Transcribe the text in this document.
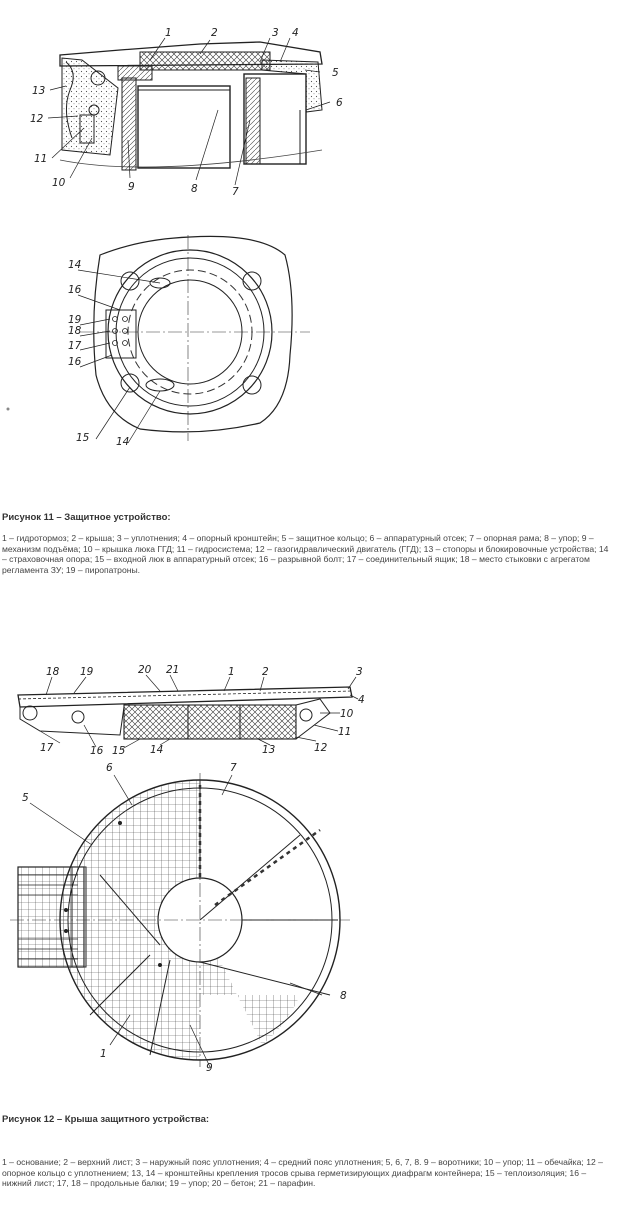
1	2	3 4
5
6
7
8
9
10
11
12
13
14
16
19
18
17
16
15	14
Рисунок 11 – Защитное устройство:
1 – гидротормоз; 2 – крыша; 3 – уплотнения; 4 – опорный кронштейн; 5 – защитное кольцо; 6 – аппаратурный отсек; 7 – опорная рама; 8 – упор; 9 – механизм подъёма; 10 – крышка люка ГГД; 11 – гидросистема; 12 – газогидравлический двигатель (ГГД); 13 – стопоры и блокировочные устройства; 14 – страховочная опора; 15 – входной люк в аппаратурный отсек; 16 – разрывной болт; 17 – соединительный ящик; 18 – место стыковки с агрегатом регламента ЗУ; 19 – пиропатроны.
18 19	20 21	1	2	3
4
10
11
12
13
14
15
16
17
6	7
5
8
1
9
Рисунок 12 – Крыша защитного устройства:
1 – основание; 2 – верхний лист; 3 – наружный пояс уплотнения; 4 – средний пояс уплотнения; 5, 6, 7, 8. 9 – воротники; 10 – упор; 11 – обечайка; 12 – опорное кольцо с уплотнением; 13, 14 – кронштейны крепления тросов срыва герметизирующих диафрагм контейнера; 15 – теплоизоляция; 16 – нижний лист; 17, 18 – продольные балки; 19 – упор; 20 – бетон; 21 – парафин.
